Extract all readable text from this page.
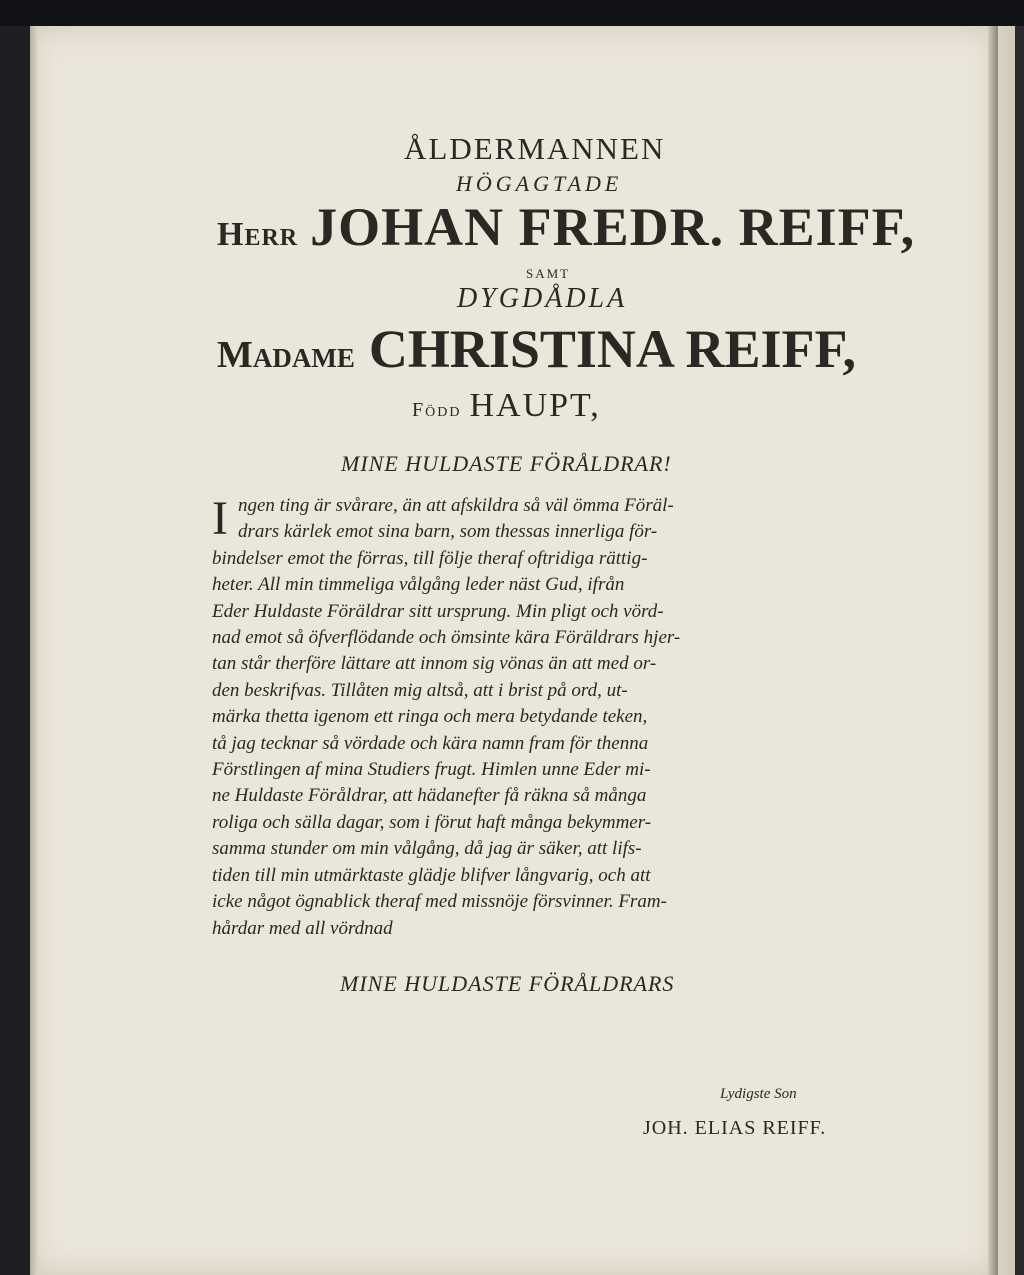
ÅLDERMANNEN
HÖGAGTADE
Herr JOHAN FREDR. REIFF,
SAMT
DYGDÅDLA
Madame CHRISTINA REIFF,
Född HAUPT,
MINE HULDASTE FÖRÅLDRAR!
I ngen ting är svårare, än att afskildra så väl ömma Föräl-
drars kärlek emot sina barn, som thessas innerliga för-
bindelser emot the förras, till följe theraf oftridiga rättig-
heter. All min timmeliga vålgång leder näst Gud, ifrån
Eder Huldaste Föräldrar sitt ursprung. Min pligt och vörd-
nad emot så öfverflödande och ömsinte kära Föräldrars hjer-
tan står therföre lättare att innom sig vönas än att med or-
den beskrifvas. Tillåten mig altså, att i brist på ord, ut-
märka thetta igenom ett ringa och mera betydande teken,
tå jag tecknar så vördade och kära namn fram för thenna
Förstlingen af mina Studiers frugt. Himlen unne Eder mi-
ne Huldaste Föråldrar, att hädanefter få räkna så många
roliga och sälla dagar, som i förut haft många bekymmer-
samma stunder om min vålgång, då jag är säker, att lifs-
tiden till min utmärktaste glädje blifver långvarig, och att
icke något ögnablick theraf med missnöje försvinner. Fram-
hårdar med all vördnad
MINE HULDASTE FÖRÅLDRARS
Lydigste Son
JOH. ELIAS REIFF.
